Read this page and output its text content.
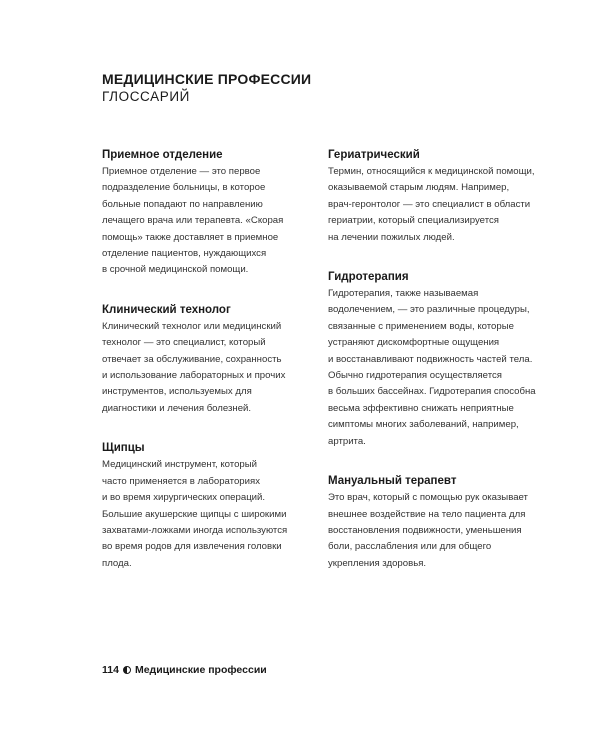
МЕДИЦИНСКИЕ ПРОФЕССИИ
ГЛОССАРИЙ
Приемное отделение
Приемное отделение — это первое
подразделение больницы, в которое
больные попадают по направлению
лечащего врача или терапевта. «Скорая
помощь» также доставляет в приемное
отделение пациентов, нуждающихся
в срочной медицинской помощи.
Клинический технолог
Клинический технолог или медицинский
технолог — это специалист, который
отвечает за обслуживание, сохранность
и использование лабораторных и прочих
инструментов, используемых для
диагностики и лечения болезней.
Щипцы
Медицинский инструмент, который
часто применяется в лабораториях
и во время хирургических операций.
Большие акушерские щипцы с широкими
захватами-ложками иногда используются
во время родов для извлечения головки
плода.
Гериатрический
Термин, относящийся к медицинской помощи,
оказываемой старым людям. Например,
врач-геронтолог — это специалист в области
гериатрии, который специализируется
на лечении пожилых людей.
Гидротерапия
Гидротерапия, также называемая
водолечением, — это различные процедуры,
связанные с применением воды, которые
устраняют дискомфортные ощущения
и восстанавливают подвижность частей тела.
Обычно гидротерапия осуществляется
в больших бассейнах. Гидротерапия способна
весьма эффективно снижать неприятные
симптомы многих заболеваний, например,
артрита.
Мануальный терапевт
Это врач, который с помощью рук оказывает
внешнее воздействие на тело пациента для
восстановления подвижности, уменьшения
боли, расслабления или для общего
укрепления здоровья.
114 Медицинские профессии
